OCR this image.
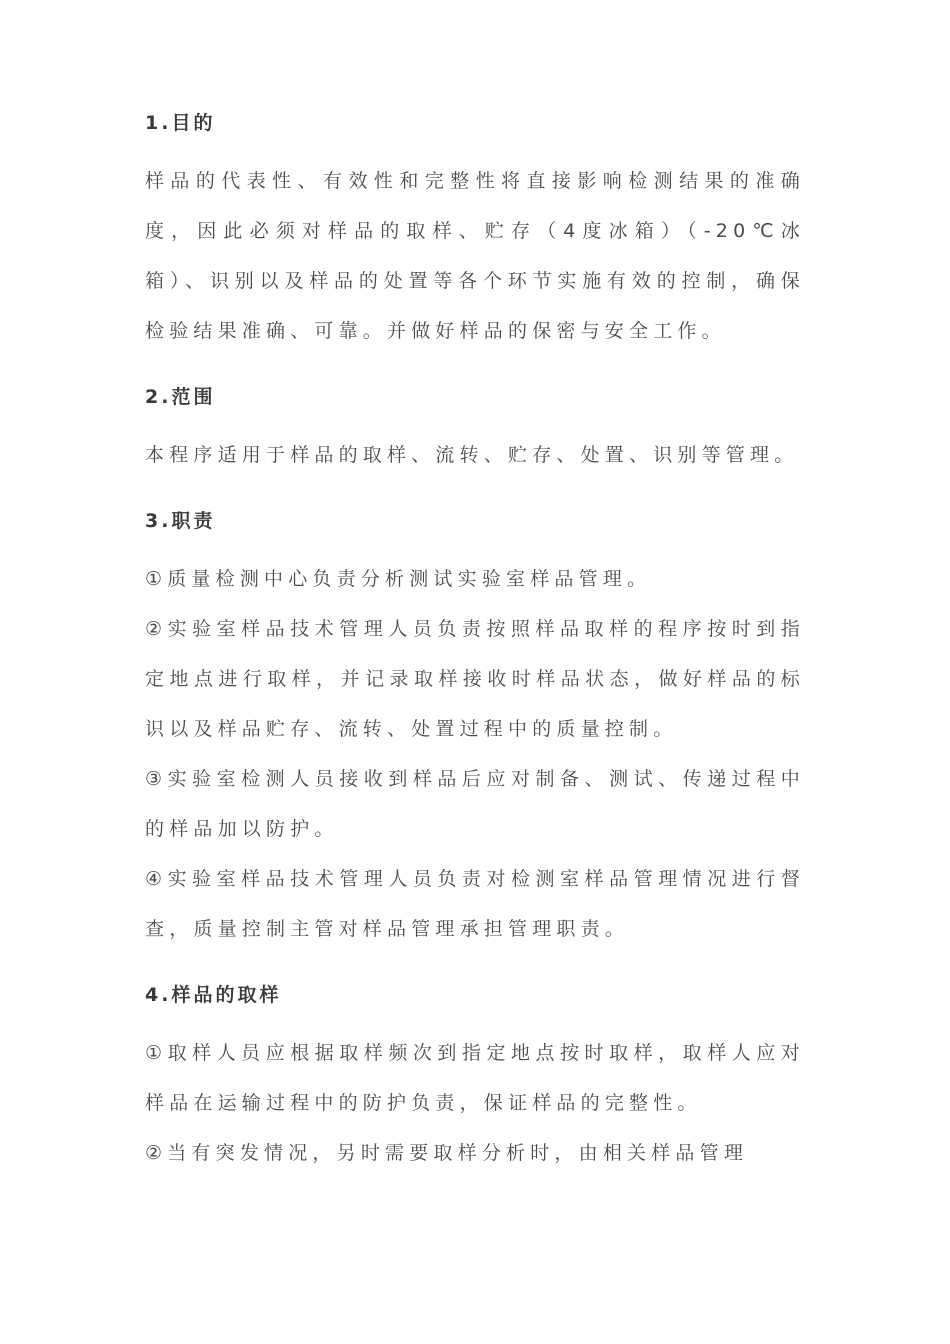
1.目的

样品的代表性、有效性和完整性将直接影响检测结果的准确度，因此必须对样品的取样、贮存（4度冰箱）（-20℃冰箱）、识别以及样品的处置等各个环节实施有效的控制，确保检验结果准确、可靠。并做好样品的保密与安全工作。

2.范围

本程序适用于样品的取样、流转、贮存、处置、识别等管理。

3.职责

①质量检测中心负责分析测试实验室样品管理。

②实验室样品技术管理人员负责按照样品取样的程序按时到指定地点进行取样，并记录取样接收时样品状态，做好样品的标识以及样品贮存、流转、处置过程中的质量控制。

③实验室检测人员接收到样品后应对制备、测试、传递过程中的样品加以防护。

④实验室样品技术管理人员负责对检测室样品管理情况进行督查，质量控制主管对样品管理承担管理职责。

4.样品的取样

①取样人员应根据取样频次到指定地点按时取样，取样人应对样品在运输过程中的防护负责，保证样品的完整性。

②当有突发情况，另时需要取样分析时，由相关样品管理
